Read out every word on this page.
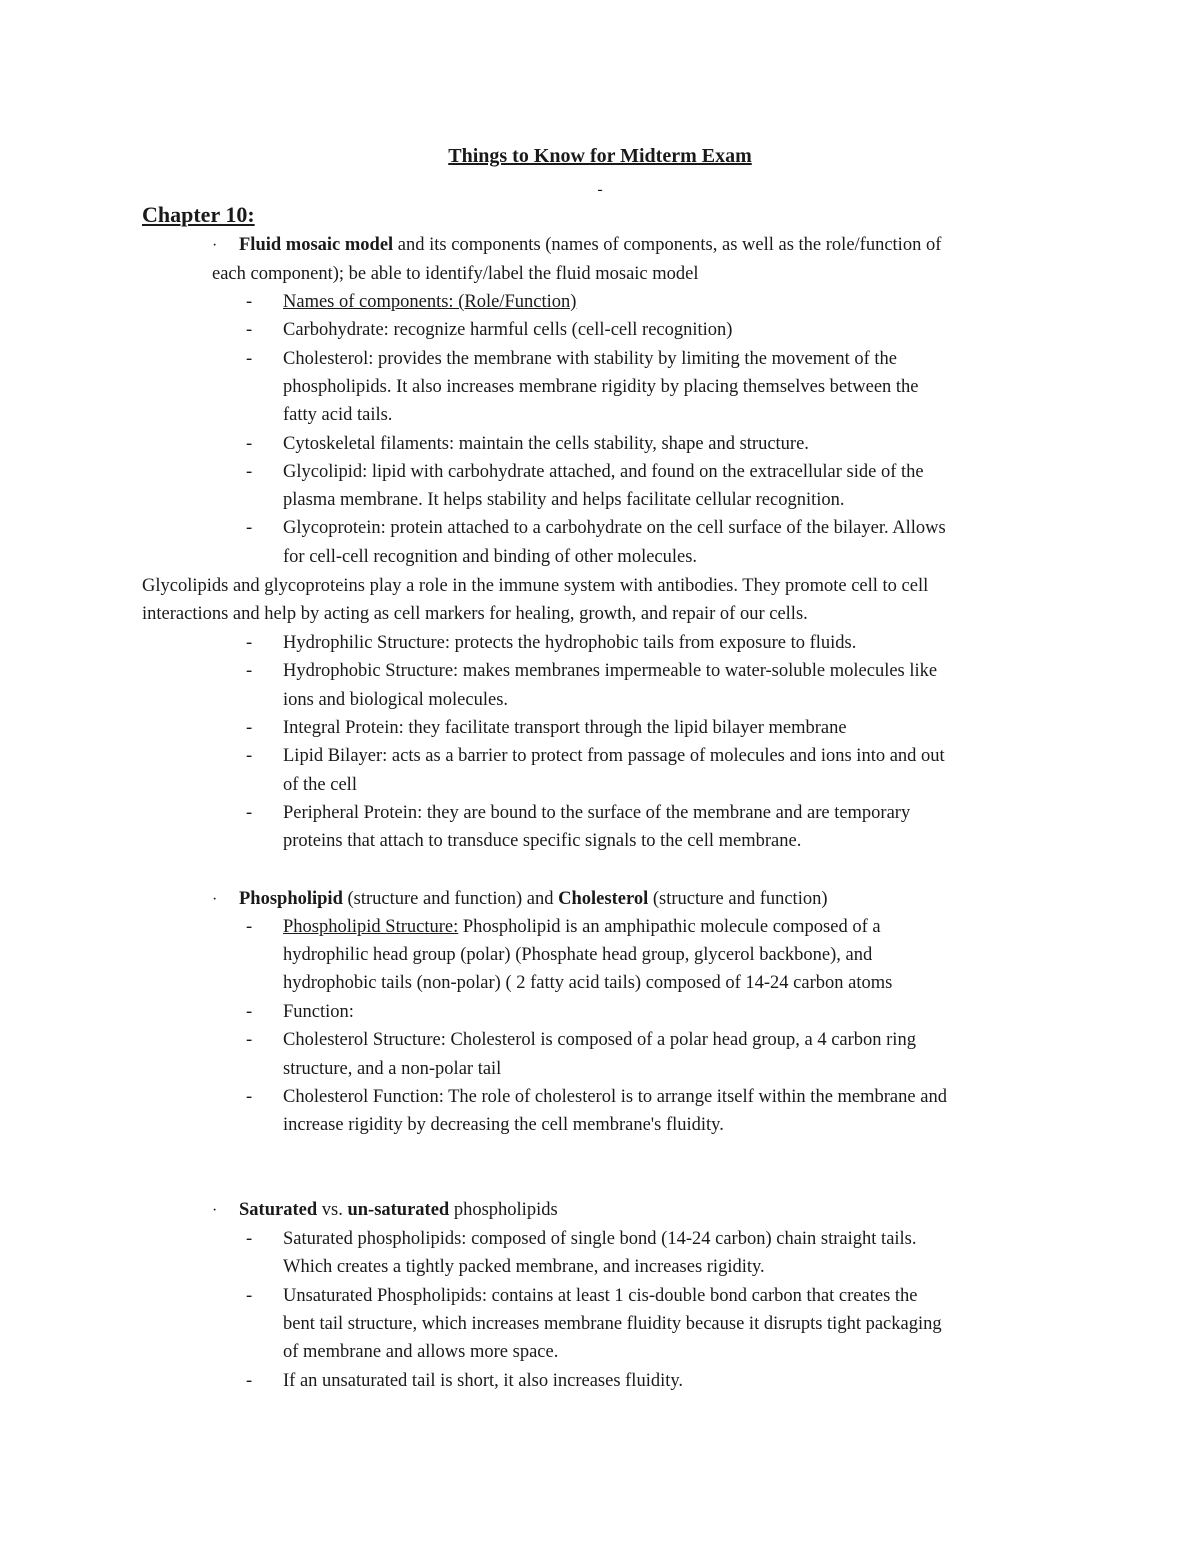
Things to Know for Midterm Exam
-
Chapter 10:
· Fluid mosaic model and its components (names of components, as well as the role/function of
each component); be able to identify/label the fluid mosaic model
-	Names of components: (Role/Function)
-	Carbohydrate: recognize harmful cells (cell-cell recognition)
-	Cholesterol: provides the membrane with stability by limiting the movement of the
phospholipids. It also increases membrane rigidity by placing themselves between the
fatty acid tails.
-	Cytoskeletal filaments: maintain the cells stability, shape and structure.
-	Glycolipid: lipid with carbohydrate attached, and found on the extracellular side of the
plasma membrane. It helps stability and helps facilitate cellular recognition.
-	Glycoprotein: protein attached to a carbohydrate on the cell surface of the bilayer. Allows
for cell-cell recognition and binding of other molecules.
Glycolipids and glycoproteins play a role in the immune system with antibodies. They promote cell to cell
interactions and help by acting as cell markers for healing, growth, and repair of our cells.
-	Hydrophilic Structure: protects the hydrophobic tails from exposure to fluids.
-	Hydrophobic Structure: makes membranes impermeable to water-soluble molecules like
ions and biological molecules.
-	Integral Protein: they facilitate transport through the lipid bilayer membrane
-	Lipid Bilayer: acts as a barrier to protect from passage of molecules and ions into and out
of the cell
-	Peripheral Protein: they are bound to the surface of the membrane and are temporary
proteins that attach to transduce specific signals to the cell membrane.
· Phospholipid (structure and function) and Cholesterol (structure and function)
-	Phospholipid Structure: Phospholipid is an amphipathic molecule composed of a
hydrophilic head group (polar) (Phosphate head group, glycerol backbone), and
hydrophobic tails (non-polar) ( 2 fatty acid tails) composed of 14-24 carbon atoms
-	Function:
-	Cholesterol Structure: Cholesterol is composed of a polar head group, a 4 carbon ring
structure, and a non-polar tail
-	Cholesterol Function: The role of cholesterol is to arrange itself within the membrane and
increase rigidity by decreasing the cell membrane's fluidity.
· Saturated vs. un-saturated phospholipids
-	Saturated phospholipids: composed of single bond (14-24 carbon) chain straight tails.
Which creates a tightly packed membrane, and increases rigidity.
-	Unsaturated Phospholipids: contains at least 1 cis-double bond carbon that creates the
bent tail structure, which increases membrane fluidity because it disrupts tight packaging
of membrane and allows more space.
-	If an unsaturated tail is short, it also increases fluidity.
